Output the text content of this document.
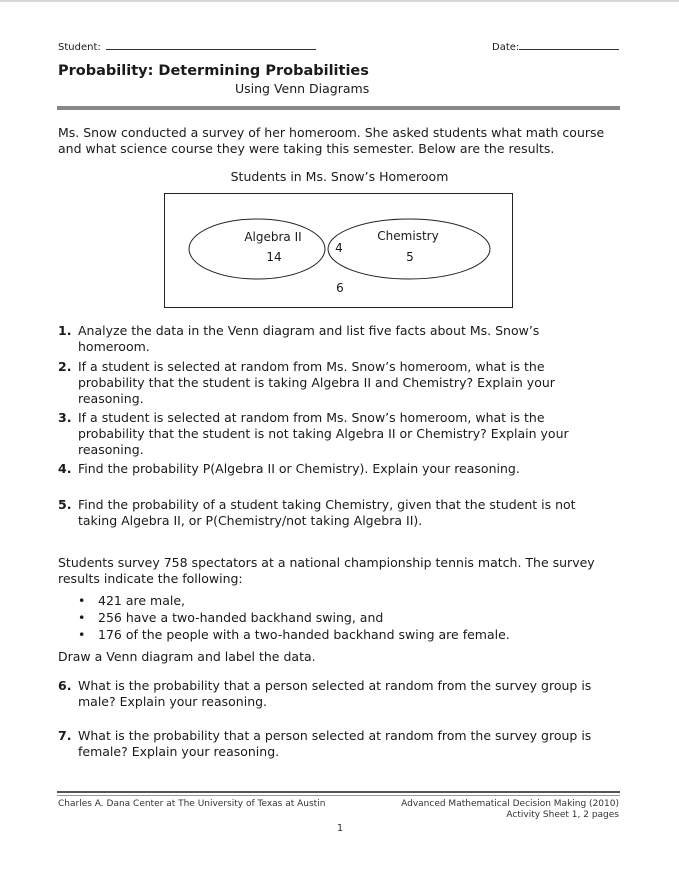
Student:	Date:
Probability: Determining Probabilities
Using Venn Diagrams
Ms. Snow conducted a survey of her homeroom. She asked students what math course and what science course they were taking this semester. Below are the results.
Students in Ms. Snow’s Homeroom
Algebra II
14
4
Chemistry
5
6
1. Analyze the data in the Venn diagram and list five facts about Ms. Snow’s homeroom.
2. If a student is selected at random from Ms. Snow’s homeroom, what is the probability that the student is taking Algebra II and Chemistry? Explain your reasoning.
3. If a student is selected at random from Ms. Snow’s homeroom, what is the probability that the student is not taking Algebra II or Chemistry? Explain your reasoning.
4. Find the probability P(Algebra II or Chemistry). Explain your reasoning.
5. Find the probability of a student taking Chemistry, given that the student is not taking Algebra II, or P(Chemistry/not taking Algebra II).
Students survey 758 spectators at a national championship tennis match. The survey results indicate the following:
• 421 are male,
• 256 have a two-handed backhand swing, and
• 176 of the people with a two-handed backhand swing are female.
Draw a Venn diagram and label the data.
6. What is the probability that a person selected at random from the survey group is male? Explain your reasoning.
7. What is the probability that a person selected at random from the survey group is female? Explain your reasoning.
Charles A. Dana Center at The University of Texas at Austin	Advanced Mathematical Decision Making (2010)
Activity Sheet 1, 2 pages
1
